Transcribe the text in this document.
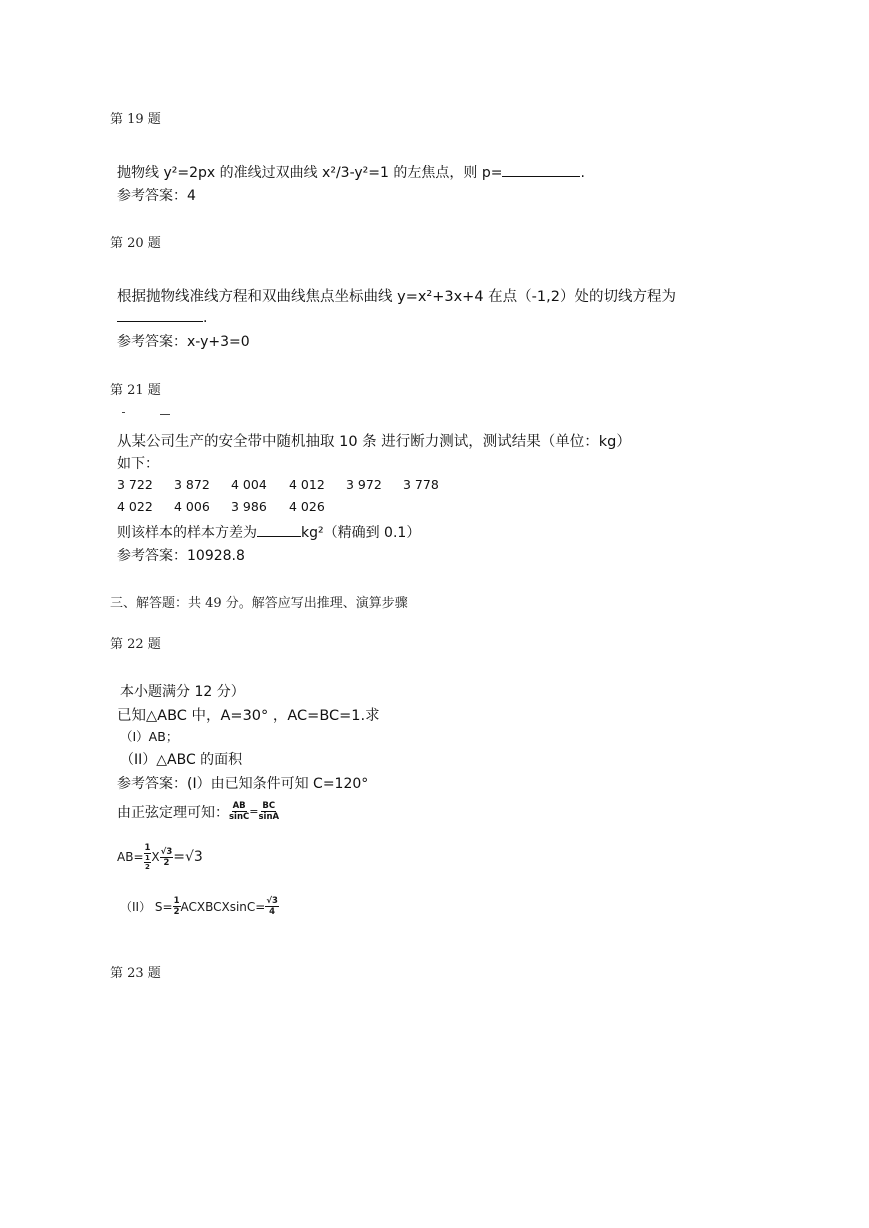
第 19 题
抛物线 y²=2px 的准线过双曲线 x²/3-y²=1 的左焦点，则 p=	.
参考答案：4
第 20 题
根据抛物线准线方程和双曲线焦点坐标曲线 y=x²+3x+4 在点（-1,2）处的切线方程为
.
参考答案：x-y+3=0
第 21 题
从某公司生产的安全带中随机抽取 10 条 进行断力测试，测试结果（单位：kg）
如下：
3 722	3 872	4 004	4 012	3 972	3 778
4 022	4 006	3 986	4 026
则该样本的样本方差为	kg²（精确到 0.1）
参考答案：10928.8
三、解答题：共 49 分。解答应写出推理、演算步骤
第 22 题
本小题满分 12 分）
已知△ABC 中，A=30° ，AC=BC=1.求
（I）AB；
（II）△ABC 的面积
参考答案：(I）由已知条件可知 C=120°
由正弦定理可知： $\frac{AB}{\sin C} = \frac{BC}{\sin A}$
$AB= \frac{1}{\frac{1}{2}}$ X $\frac{√3}{2} =√3$
（II） $S= \frac{1}{2}$ ACXBCXsinC= $\frac{√3}{4}$
第 23 题
